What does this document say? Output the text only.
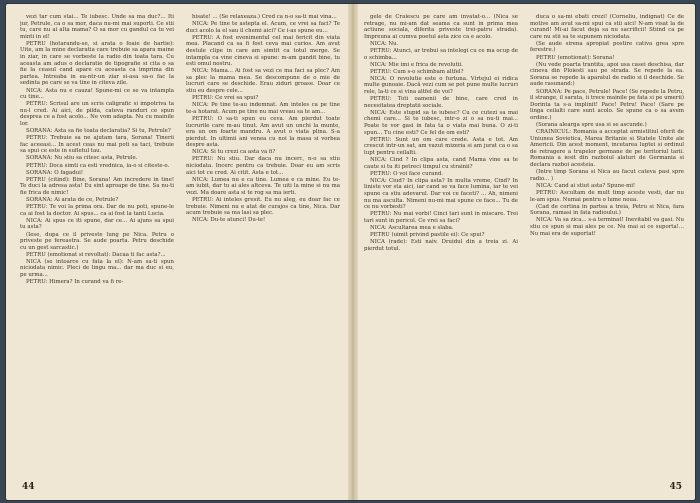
vezi tar cum stai... Te iubesc. Unde sa ma duc?... Iti jur, Petrule, ca o sa mor, daca nu-mi mai suporti. Ce stii tu, care nu ai alta mama? O sa mor cu gandul ca tu vei minti in el!

PETRU (hotarandu-se, si arata o foaie de hartie): Uite, am la mine declaratia care trebuie sa apara maine in ziar, in care se vorbeste la radio din toata tara. Cu aceasta am adus o declaratie de tipografie si cita o sa fie la ceasul cand apare cu aceasta ca imprima din partea. Intreaba in ea-ntr-un ziar si-asa sa-o fac la sedinta pe care se va tine in citeva zile.

NICA: Asta nu e cauza! Spune-mi ce se va intampla cu tine...

PETRU: Scrisul are un scris caligrafic si impotriva ta nu-l cred. Ai aici, de pilda, cateva randuri ce spun desprea ce a fost acolo... Ne vom adapta. Nu cu mainile lor.

SORANA: Asta sa fie toata declaratia? Si tu, Petrule?

PETRU: Trebuie sa ne ajutam tara, Sorana! Tinerii fac aceeasi... In acest ceas nu mai poti sa taci, trebuie sa spui ce este in sufletul tau.

SORANA: Nu stiu sa citesc asta, Petrule.

PETRU: Doca simti ca esti vrednica, ia-o si citeste-o.

SORANA: O fagadui!

PETRU (citind): Bine, Sorana! Am incredere in tine! Te duci la adresa asta! Eu sint aproape de tine. Sa nu-ti fie frica de nimic!

SORANA: Ai arata de ce, Petrule?

PETRU: Te voi la prima ora. Dar de nu poti, spune-le ca ai fost la doctor. Ai spus... ca ai fost la tanti Lucia.

NICA: Ai spus ce iti spune, dar ce... Ai ajuns sa spui tu asta?

(Iese, dupa ce il priveste lung pe Nica. Petru o priveste pe fereastra. Se aude poarta. Petru deschide cu un gest sarcastic.)

PETRU (emotionat si revoltat): Dacaa ti fac asta?...

NICA (se intoarce cu fata la el): N-am sa-ti spun niciodata nimic. Pleci de lingu ma... dar ma duc si eu, pe urma...

PETRU: Himera? In curand va fi re-

hisate! ... (Se relaxeaza.) Cred ca n-o sa-ti mai vina...

NICA: Pe tine te astepta el. Acum, ce vrei sa faci? Te duci acolo la el sau il chemi aici? Ce i-as spune eu...

PETRU: A fost evenimentul cel mai fericit din viata mea. Placand ca sa fi fost ceva mai curios. Am avut destule clipe in care am simtit ca totul merge. Se intampla ca vine cineva si spune: m-am gandit bine, tu esti omul nostru.

NICA: Mama... Ai fost sa vezi ce ma faci sa plec? Am sa plec la mama mea. Se descompune de o mie de lucruri care se deschide. Erau ziduri groase. Doar ce stiu eu despre cele...

PETRU: Ce vrei sa spui?

NICA: Pe tine te-au indemnat. Am inteles ca pe tine te-a hotarat. Acum pe tine nu mai vreau sa te am...

PETRU: O sa-ti spun eu ceva. Am pierdut toate lucrurile care m-au tinut. Am avut un unchi la munte, era un om foarte mandru. A avut o viata plina. S-a pierdut. In ultimii ani venea cu noi la masa si vorbea despre asta.

NICA: Si tu crezi ca asta va fi?

PETRU: Nu stiu. Dar daca nu incerc, n-o sa stiu niciodata. Incerc pentru ca trebuie. Doar eu am scris aici tot ce cred. Ai citit. Asta e tot...

NICA: Lumea nu e ca tine. Lumea e ca mine. Eu te-am iubit, dar tu ai ales altceva. Te uiti la mine si nu ma vezi. Ma doare asta si te rog sa ma ierti.

PETRU: Ai inteles gresit. Eu nu aleg, eu doar fac ce trebuie. Nimeni nu e atat de curajos ca tine, Nica. Dar acum trebuie sa ma lasi sa plec.

NICA: Du-te atunci! Du-te!

44

gele de Craiescu pe care am invatat-o... (Nica se retrage, nu mi-am dat seama ca sunt in prima mea actiune sociala, diferita priveste trei-patru strada). Impreuna ai cumva poetul asta zice ca e acolo.

NICA: Nu.

PETRU: Atunci, ar trebui sa intelegi cu ce ma ocup de o schimba...

NICA: Mie imi e frica de revolutii.

PETRU: Cum s-o schimbam altfel?

NICA: O revolutie este o furtuna. Virtejul ei ridica multe gunoaie. Dacă vezi cum se pot pune multe lucruri rele, la-ti ce si vina altfel de voi?

PETRU: Toti oamenii de bine, care cred in necesitatea dreptatii sociale.

NICA: Este stupid sa te iubesc? Cu ce cutezi sa mai chemi care... Si te iubesc, intr-o zi o sa nu-ti mai... Poate te vor gasi in fata ta o viata mai buna. O zi-ti spun... Tu cine esti? Ce fel de om esti?

PETRU: Sunt un om care crede. Asta e tot. Am crescut intr-un sat, am vazut mizeria si am jurat ca o sa lupt pentru ceilalti.

NICA: Cind ? In clipa asta, cand Mama vine sa te caute si tu iti petreci timpul cu strainii?

PETRU: O voi face curand.

NICA: Ciud? In clipa asta? In multa vreme, Cind? In liniste vor sta aici, iar cand se va face lumina, iar te vei spune ca stiu adevarul. Dar voi ce faceti? ... Ah, nimeni nu ma asculta. Nimeni nu-mi mai spune ce face... Tu de ce nu vorbesti?

PETRU: Nu mai vorbi! Cinci tari sunt in miscare. Trei tari sunt in pericol. Ce vrei sa faci?

NICA: Ascultarea mea e slaba.

PETRU (uimit privind pastile ei): Ce spui?

NICA (rade): Esti naiv. Druidul din a treia zi. Ai pierdut totul.

duca o sa-mi ebati crezi! (Corneliu, indignat) Ce de motive am avut sa-mi spui ca stii aici! N-am visat la de curand! Mi-ai facut deja sa nu sacrificii! Stiind ca pe care nu stii sa te supunem niciodata.

(Se aude sirena apropiat postire cativa grea spre ferestre.)

PETRU (emotionat): Sorana!

(Nu vede poarta trantita, apoi usa casei deschisa, dar cineva din Ploiesti sau pe strada. Se repede la ea. Sorana se repede la aparatul de radio si il deschide. Se aude rasunand:)

SORANA: Pe pace, Petrule! Pace! (Se repede la Petru, il strange, il saruta, ii trece mainile pe fata si pe umerii) Dorinta ta s-a implinit! Pace! Petru! Pace! (Sare pe linga ceilalti care sunt acolo. Se spune ca o sa avem ordine.)

(Sorana alearga spre usa si se ascunde.)

CRAINICUL: Romania a acceptat armistitiul oferit de Uniunea Sovietica, Marea Britanie si Statele Unite ale Americii. Din acest moment, incetarea luptei si ordinul de retragere a trupelor germane de pe teritoriul tarii. Romania a iesit din razboiul alaturi de Germania si declara razboi acesteia.

(Intre timp Sorana si Nica au facut cateva pasi spre radio... )

NICA: Cand ai stiut asta? Spune-mi!

PETRU: Ascultam de mult timp aceste vesti, dar nu le-am spus. Numai pentru o lume noua.

(Cad de cortina in partea a treia, Petru si Nica, fara Sorana, ramasi in fata radioului.)

NICA: Va sa zica... s-a terminat! Inevitabil va gasi. Nu stiu ce spun si mai ales pe ce. Nu mai ai ce suporta!... Nu mai era de suportat!

45
